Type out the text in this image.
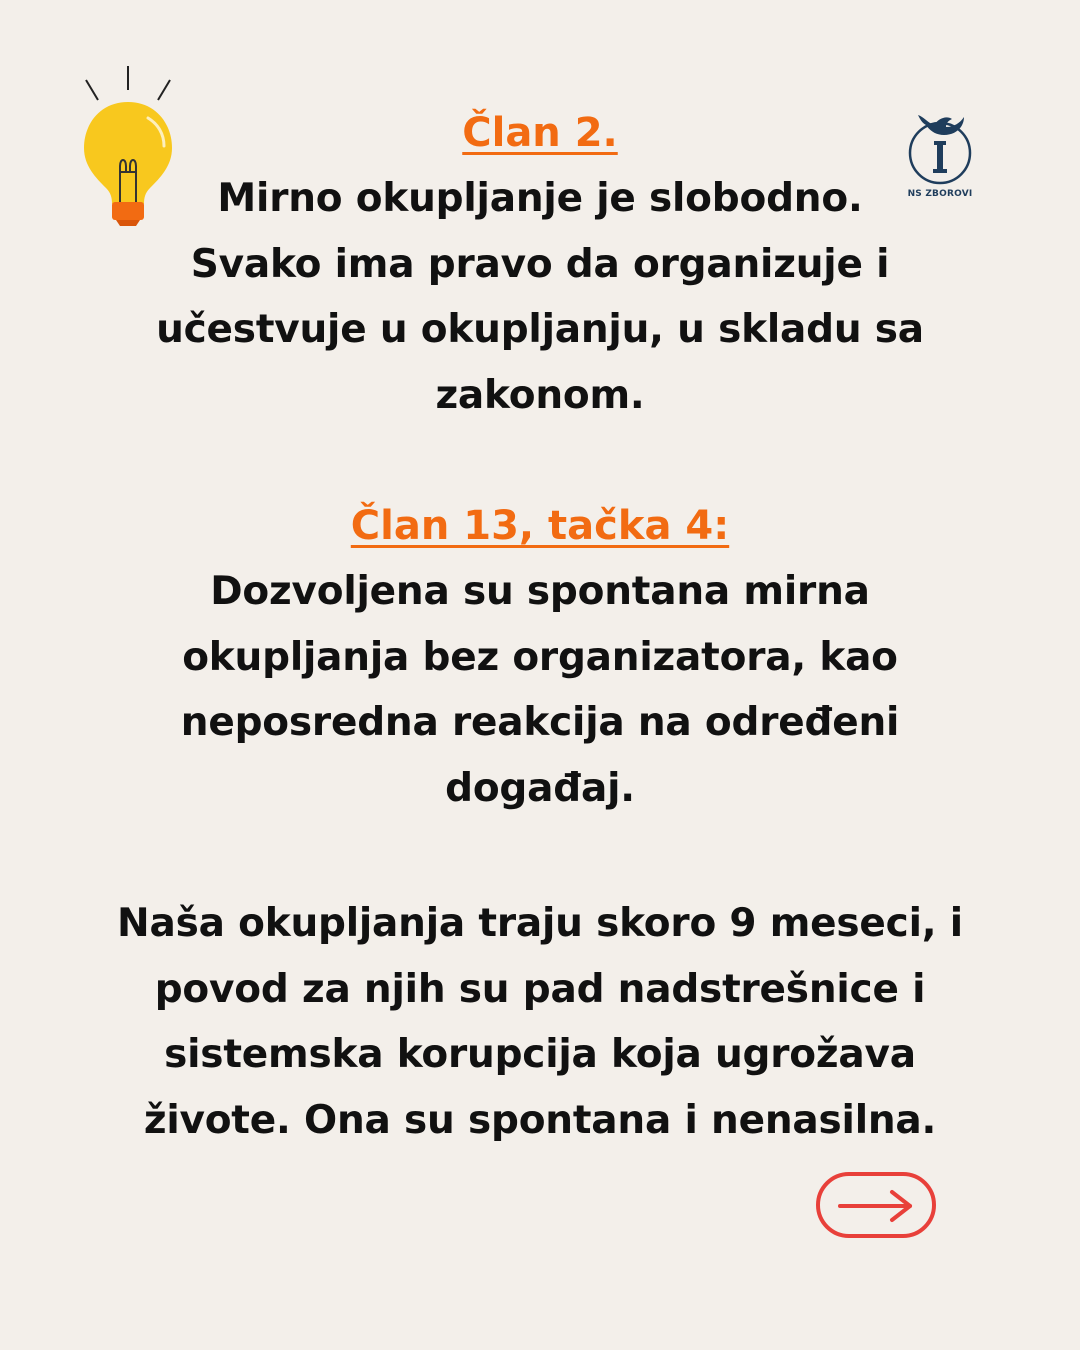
NS ZBOROVI
Član 2.

Mirno okupljanje je slobodno.

Svako ima pravo da organizuje i

učestvuje u okupljanju, u skladu sa

zakonom.

Član 13, tačka 4:

Dozvoljena su spontana mirna

okupljanja bez organizatora, kao

neposredna reakcija na određeni

događaj.

Naša okupljanja traju skoro 9 meseci, i

povod za njih su pad nadstrešnice i

sistemska korupcija koja ugrožava

živote. Ona su spontana i nenasilna.
